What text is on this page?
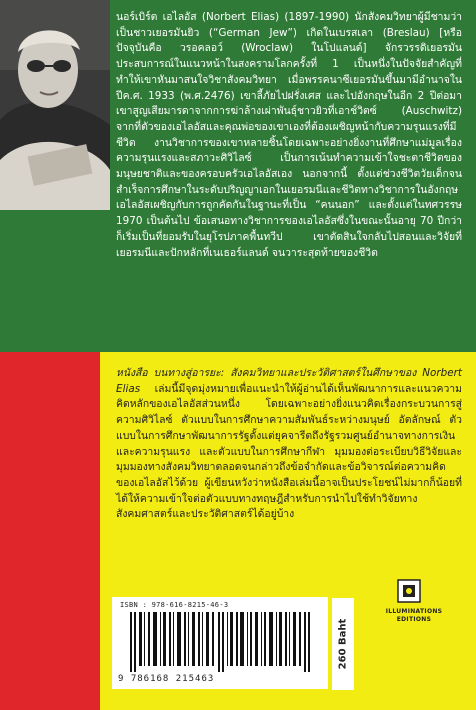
นอร์เบิร์ต เอไลอัส (Norbert Elias) (1897-1990) นักสังคมวิทยาผู้มีชามว่าเป็นชาวเยอรมันยิว (“German Jew”) เกิดในเบรสเลา (Breslau) [หรือปัจจุบันคือ วรอคลอว์ (Wroclaw) ในโปแลนด์] จักรวรรดิเยอรมัน ประสบการณ์ในแนวหน้าในสงครามโลกครั้งที่ 1 เป็นหนึ่งในปัจจัยสำคัญที่ทำให้เขาหันมาสนใจวิชาสังคมวิทยา เมื่อพรรคนาซีเยอรมันขึ้นมามีอำนาจในปีค.ศ. 1933 (พ.ศ.2476) เขาลี้ภัยไปฝรั่งเศส และไปอังกฤษในอีก 2 ปีต่อมา เขาสูญเสียมารดาจากการฆ่าล้างเผ่าพันธุ์ชาวยิวที่เอาช์วิตซ์ (Auschwitz) จากที่ตัวของเอไลอัสและคุณพ่อของเขาเองที่ต้องเผชิญหน้ากับความรุนแรงที่มีชีวิต งานวิชาการของเขาหลายชิ้นโดยเฉพาะอย่างยิ่งงานที่ศึกษาแม่มูลเรื่องความรุนแรงและสภาวะศิวิไลซ์ เป็นการเน้นทำความเข้าใจชะตาชีวิตของมนุษยชาติและของครอบครัวเอไลอัสเอง นอกจากนี้ ตั้งแต่ช่วงชีวิตวัยเด็กจนสำเร็จการศึกษาในระดับปริญญาเอกในเยอรมนีและชีวิตทางวิชาการในอังกฤษ เอไลอัสเผชิญกับการถูกคัดกันในฐานะที่เป็น “คนนอก” และตั้งแต่ในทศวรรษ 1970 เป็นต้นไป ข้อเสนอทางวิชาการของเอไลอัสซึ่งในขณะนั้นอายุ 70 ปีกว่า ก็เริ่มเป็นที่ยอมรับในยุโรปภาคพื้นทวีป เขาตัดสินใจกลับไปสอนและวิจัยที่เยอรมนีและปักหลักที่เนเธอร์แลนด์ จนวาระสุดท้ายของชีวิต

หนังสือ บนทางสู่อารยะ: สังคมวิทยาและประวัติศาสตร์ในศึกษาของ Norbert Elias เล่มนี้มีจุดมุ่งหมายเพื่อแนะนำให้ผู้อ่านได้เห็นพัฒนาการและแนวความคิดหลักของเอไลอัสส่วนหนึ่ง โดยเฉพาะอย่างยิ่งแนวคิดเรื่องกระบวนการสู่ความศิวิไลซ์ ตัวแบบในการศึกษาความสัมพันธ์ระหว่างมนุษย์ อัตลักษณ์ ตัวแบบในการศึกษาพัฒนาการรัฐตั้งแต่ยุคจารีตถึงรัฐรวมศูนย์อำนาจทางการเงินและความรุนแรง และตัวแบบในการศึกษากีฬา มุมมองต่อระเบียบวิธีวิจัยและมุมมองทางสังคมวิทยาตลอดจนกล่าวถึงข้อจำกัดและข้อวิจารณ์ต่อความคิดของเอไลอัสไว้ด้วย ผู้เขียนหวังว่าหนังสือเล่มนี้อาจเป็นประโยชน์ไม่มากก็น้อยที่ได้ให้ความเข้าใจต่อตัวแบบทางทฤษฎีสำหรับการนำไปใช้ทำวิจัยทางสังคมศาสตร์และประวัติศาสตร์ได้อยู่บ้าง

ISBN : 978-616-8215-46-3
9 786168 215463
260 Baht
ILLUMINATIONS
EDITIONS
